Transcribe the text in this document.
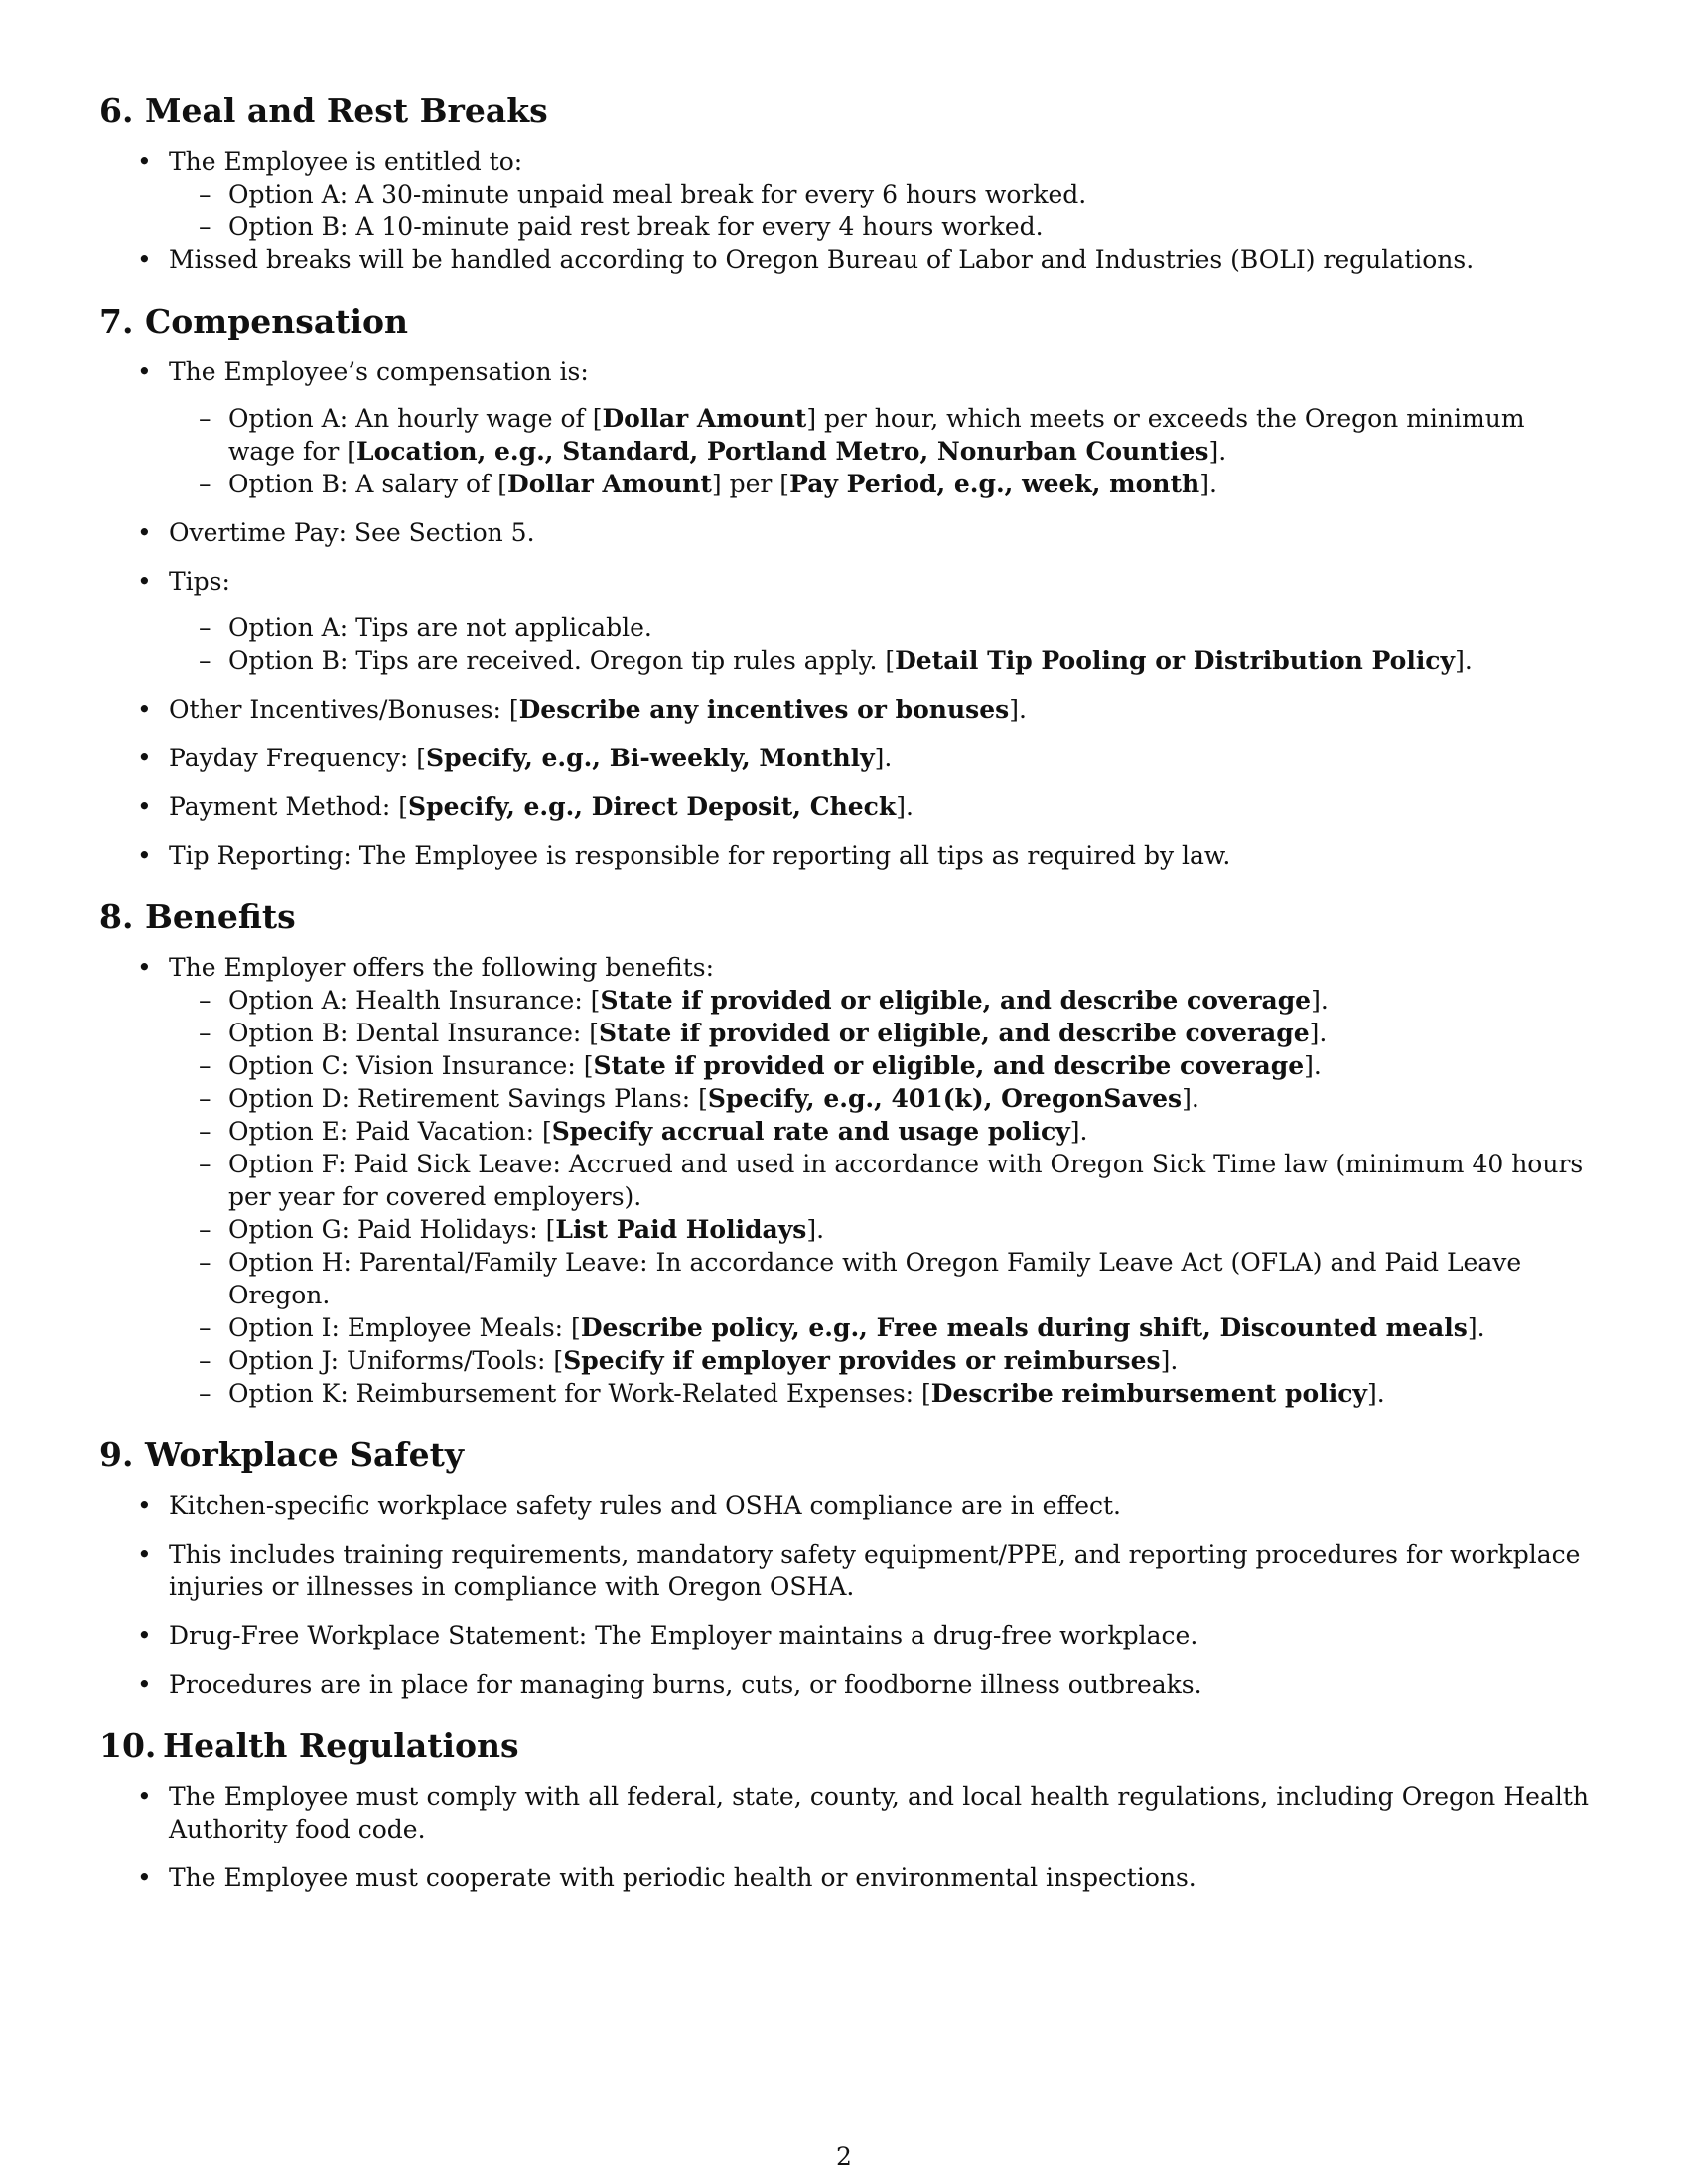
6. Meal and Rest Breaks
• The Employee is entitled to:
– Option A: A 30-minute unpaid meal break for every 6 hours worked.
– Option B: A 10-minute paid rest break for every 4 hours worked.
• Missed breaks will be handled according to Oregon Bureau of Labor and Industries (BOLI) regulations.
7. Compensation
• The Employee’s compensation is:
– Option A: An hourly wage of [Dollar Amount] per hour, which meets or exceeds the Oregon minimum wage for [Location, e.g., Standard, Portland Metro, Nonurban Counties].
– Option B: A salary of [Dollar Amount] per [Pay Period, e.g., week, month].
• Overtime Pay: See Section 5.
• Tips:
– Option A: Tips are not applicable.
– Option B: Tips are received. Oregon tip rules apply. [Detail Tip Pooling or Distribution Policy].
• Other Incentives/Bonuses: [Describe any incentives or bonuses].
• Payday Frequency: [Specify, e.g., Bi-weekly, Monthly].
• Payment Method: [Specify, e.g., Direct Deposit, Check].
• Tip Reporting: The Employee is responsible for reporting all tips as required by law.
8. Benefits
• The Employer offers the following benefits:
– Option A: Health Insurance: [State if provided or eligible, and describe coverage].
– Option B: Dental Insurance: [State if provided or eligible, and describe coverage].
– Option C: Vision Insurance: [State if provided or eligible, and describe coverage].
– Option D: Retirement Savings Plans: [Specify, e.g., 401(k), OregonSaves].
– Option E: Paid Vacation: [Specify accrual rate and usage policy].
– Option F: Paid Sick Leave: Accrued and used in accordance with Oregon Sick Time law (minimum 40 hours per year for covered employers).
– Option G: Paid Holidays: [List Paid Holidays].
– Option H: Parental/Family Leave: In accordance with Oregon Family Leave Act (OFLA) and Paid Leave Oregon.
– Option I: Employee Meals: [Describe policy, e.g., Free meals during shift, Discounted meals].
– Option J: Uniforms/Tools: [Specify if employer provides or reimburses].
– Option K: Reimbursement for Work-Related Expenses: [Describe reimbursement policy].
9. Workplace Safety
• Kitchen-specific workplace safety rules and OSHA compliance are in effect.
• This includes training requirements, mandatory safety equipment/PPE, and reporting procedures for workplace injuries or illnesses in compliance with Oregon OSHA.
• Drug-Free Workplace Statement: The Employer maintains a drug-free workplace.
• Procedures are in place for managing burns, cuts, or foodborne illness outbreaks.
10. Health Regulations
• The Employee must comply with all federal, state, county, and local health regulations, including Oregon Health Authority food code.
• The Employee must cooperate with periodic health or environmental inspections.
2
